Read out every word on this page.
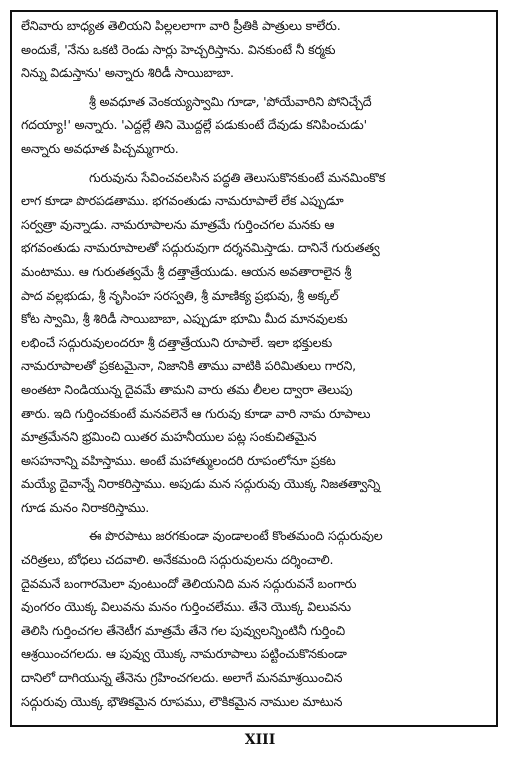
లేనివారు బాధ్యత తెలియని పిల్లలలాగా వారి ప్రీతికి పాత్రులు కాలేరు.
అందుకే, 'నేను ఒకటి రెండు సార్లు హెచ్చరిస్తాను. వినకుంటే నీ కర్మకు
నిన్ను విడుస్తాను' అన్నారు శిరిడీ సాయిబాబా.
శ్రీ అవధూత వెంకయ్యస్వామి గూడా, 'పోయేవారిని పోనిచ్చేదే
గదయ్యా!' అన్నారు. 'ఎద్దల్లే తిని మొద్దల్లే పడుకుంటే దేవుడు కనిపించుడు'
అన్నారు అవధూత పిచ్చమ్మగారు.
గురువును సేవించవలసిన పద్ధతి తెలుసుకొనకుంటే మనమింకొక
లాగ కూడా పొరపడతాము. భగవంతుడు నామరూపాలే లేక ఎప్పుడూ
సర్వత్రా వున్నాడు. నామరూపాలను మాత్రమే గుర్తించగల మనకు ఆ
భగవంతుడు నామరూపాలతో సద్గురువుగా దర్శనమిస్తాడు. దానినే గురుతత్వ
మంటాము. ఆ గురుతత్వమే శ్రీ దత్తాత్రేయుడు. ఆయన అవతారాలైన శ్రీ
పాద వల్లభుడు, శ్రీ నృసింహ సరస్వతి, శ్రీ మాణిక్య ప్రభువు, శ్రీ అక్కల్
కోట స్వామి, శ్రీ శిరిడీ సాయిబాబా, ఎప్పుడూ భూమి మీద మానవులకు
లభించే సద్గురువులందరూ శ్రీ దత్తాత్రేయుని రూపాలే. ఇలా భక్తులకు
నామరూపాలతో ప్రకటమైనా, నిజానికి తాము వాటికి పరిమితులు గారని,
అంతటా నిండియున్న దైవమే తామని వారు తమ లీలల ద్వారా తెలుపు
తారు. ఇది గుర్తించకుంటే మనవలెనే ఆ గురువు కూడా వారి నామ రూపాలు
మాత్రమేనని భ్రమించి యితర మహనీయుల పట్ల సంకుచితమైన
అసహనాన్ని వహిస్తాము. అంటే మహాత్ములందరి రూపంలోనూ ప్రకట
మయ్యే దైవాన్నే నిరాకరిస్తాము. అపుడు మన సద్గురువు యొక్క నిజతత్వాన్ని
గూడ మనం నిరాకరిస్తాము.
ఈ పొరపాటు జరగకుండా వుండాలంటే కొంతమంది సద్గురువుల
చరిత్రలు, బోధలు చదవాలి. అనేకమంది సద్గురువులను దర్శించాలి.
దైవమనే బంగారమెలా వుంటుందో తెలియనిది మన సద్గురువనే బంగారు
వుంగరం యొక్క విలువను మనం గుర్తించలేము. తేనె యొక్క విలువను
తెలిసి గుర్తించగల తేనెటీగ మాత్రమే తేనె గల పువ్వులన్నింటినీ గుర్తించి
ఆశ్రయించగలదు. ఆ పువ్వు యొక్క నామరూపాలు పట్టించుకొనకుండా
దానిలో దాగియున్న తేనెను గ్రహించగలదు. అలాగే మనమాశ్రయించిన
సద్గురువు యొక్క భౌతికమైన రూపము, లౌకికమైన నాముల మాటున
XIII
